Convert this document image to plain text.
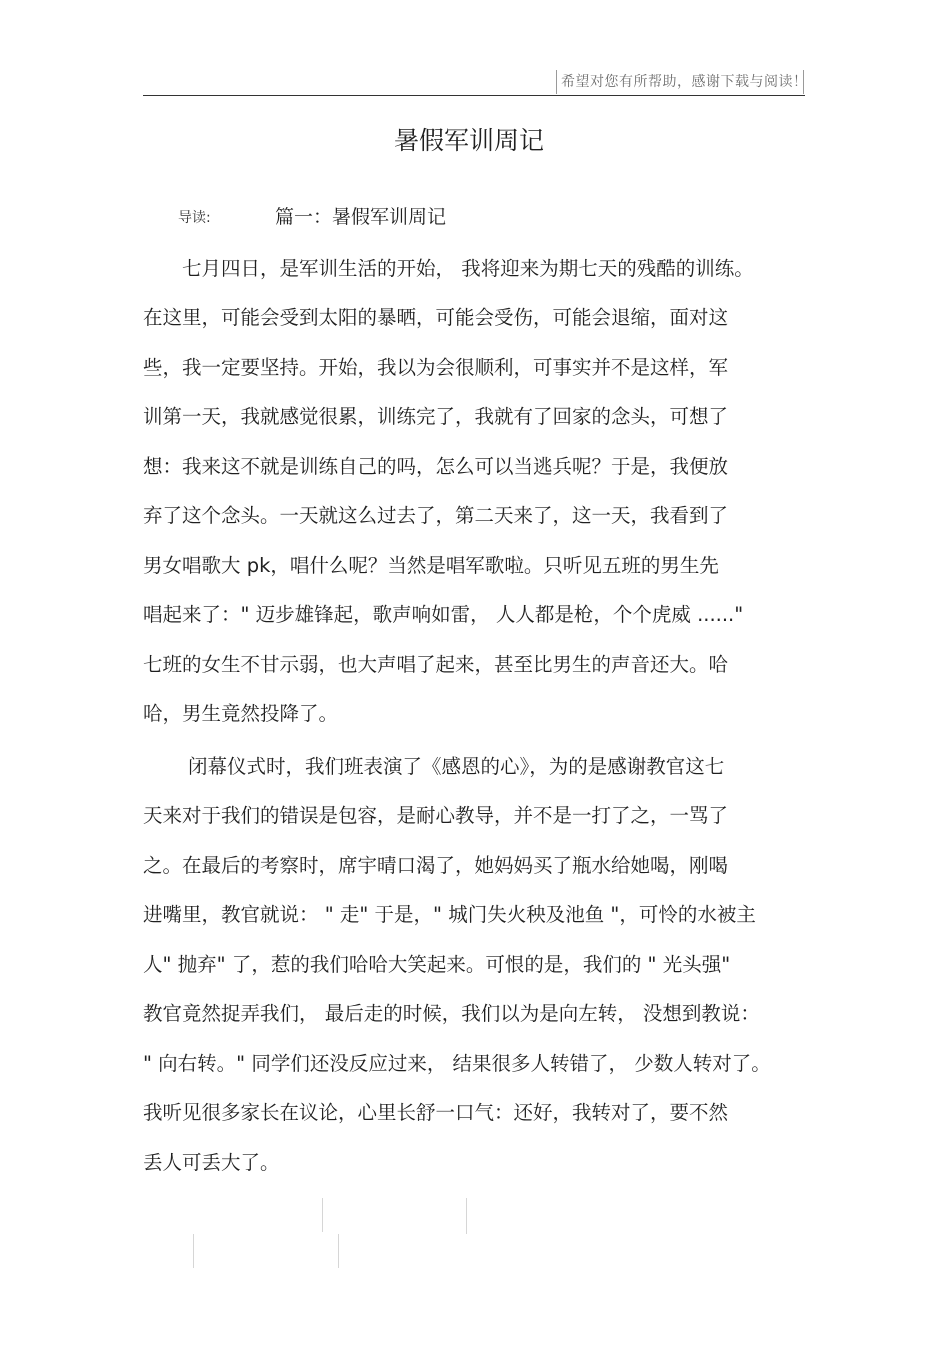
希望对您有所帮助，感谢下载与阅读！
暑假军训周记
导读:	篇一：暑假军训周记
七月四日，是军训生活的开始， 我将迎来为期七天的残酷的训练。
在这里，可能会受到太阳的暴晒，可能会受伤，可能会退缩，面对这
些，我一定要坚持。开始，我以为会很顺利，可事实并不是这样，军
训第一天，我就感觉很累，训练完了，我就有了回家的念头，可想了
想：我来这不就是训练自己的吗，怎么可以当逃兵呢？于是，我便放
弃了这个念头。一天就这么过去了，第二天来了，这一天，我看到了
男女唱歌大 pk，唱什么呢？当然是唱军歌啦。只听见五班的男生先
唱起来了：" 迈步雄锋起，歌声响如雷， 人人都是枪，个个虎威 ......"
七班的女生不甘示弱，也大声唱了起来，甚至比男生的声音还大。哈
哈，男生竟然投降了。
闭幕仪式时，我们班表演了《感恩的心》，为的是感谢教官这七
天来对于我们的错误是包容，是耐心教导，并不是一打了之，一骂了
之。在最后的考察时，席宇晴口渴了，她妈妈买了瓶水给她喝，刚喝
进嘴里，教官就说： " 走" 于是，" 城门失火秧及池鱼 "，可怜的水被主
人" 抛弃" 了，惹的我们哈哈大笑起来。可恨的是，我们的 " 光头强"
教官竟然捉弄我们， 最后走的时候，我们以为是向左转， 没想到教说：
" 向右转。" 同学们还没反应过来， 结果很多人转错了， 少数人转对了。
我听见很多家长在议论，心里长舒一口气：还好，我转对了，要不然
丢人可丢大了。
